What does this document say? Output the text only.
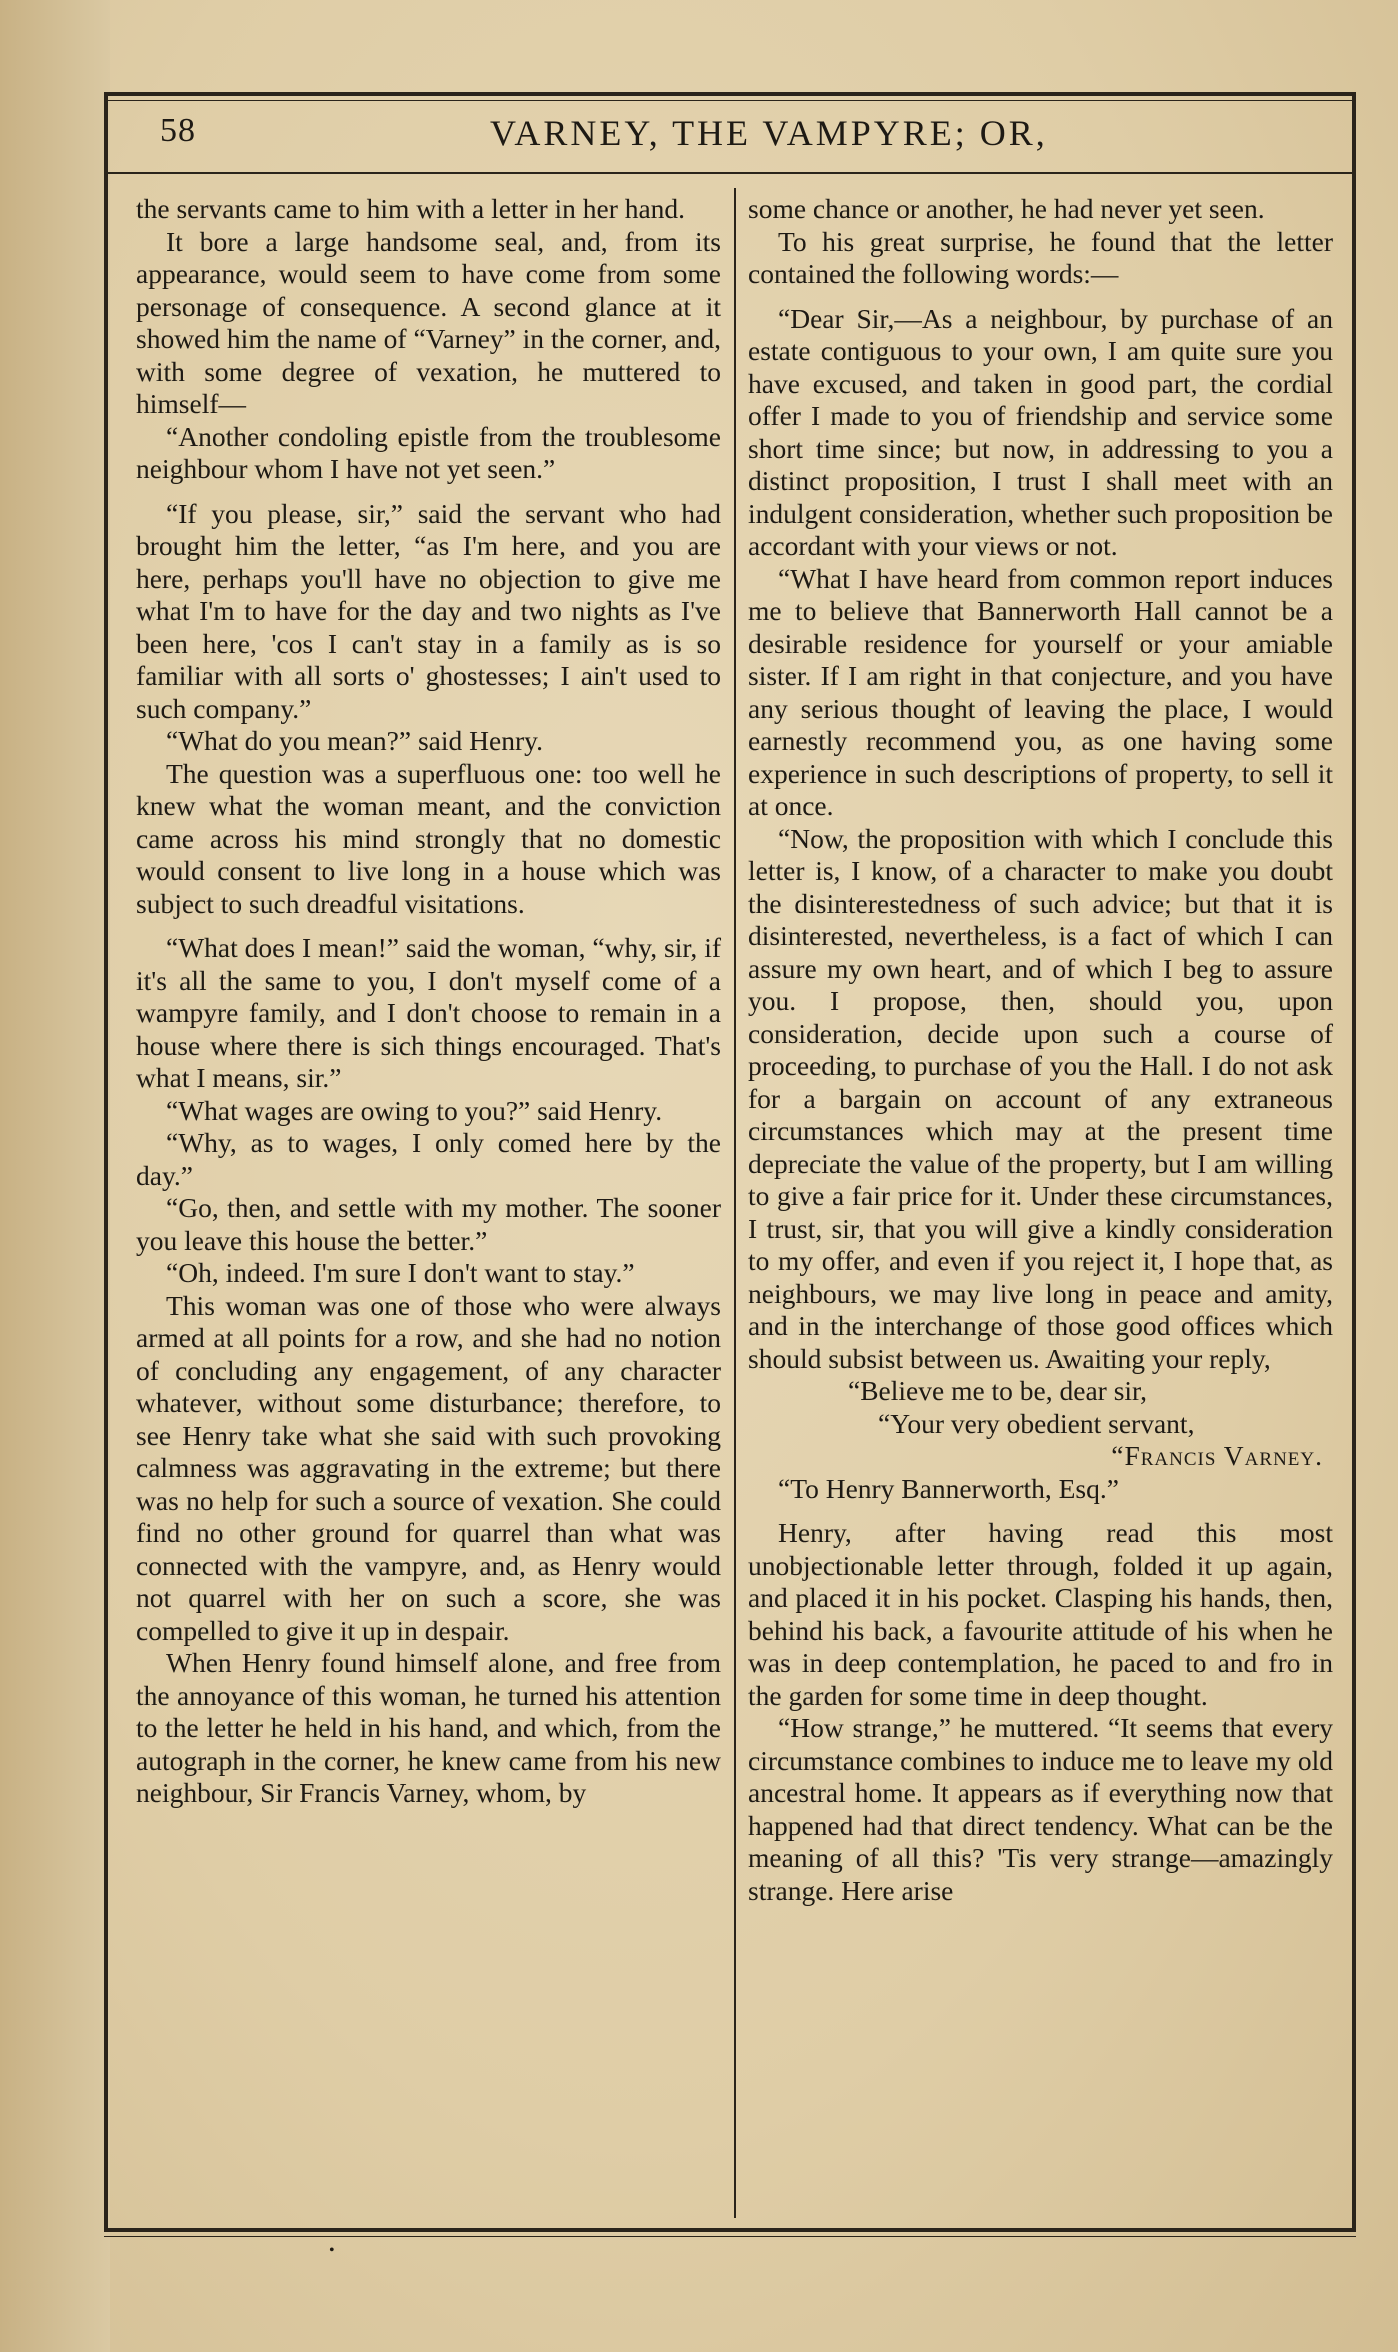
58	VARNEY, THE VAMPYRE; OR,

the servants came to him with a letter in her hand.

It bore a large handsome seal, and, from its appearance, would seem to have come from some personage of consequence. A second glance at it showed him the name of “Varney” in the corner, and, with some degree of vexation, he muttered to himself—

“Another condoling epistle from the troublesome neighbour whom I have not yet seen.”

“If you please, sir,” said the servant who had brought him the letter, “as I'm here, and you are here, perhaps you'll have no objection to give me what I'm to have for the day and two nights as I've been here, 'cos I can't stay in a family as is so familiar with all sorts o' ghostesses; I ain't used to such company.”

“What do you mean?” said Henry.

The question was a superfluous one: too well he knew what the woman meant, and the conviction came across his mind strongly that no domestic would consent to live long in a house which was subject to such dreadful visitations.

“What does I mean!” said the woman, “why, sir, if it's all the same to you, I don't myself come of a wampyre family, and I don't choose to remain in a house where there is sich things encouraged. That's what I means, sir.”

“What wages are owing to you?” said Henry.

“Why, as to wages, I only comed here by the day.”

“Go, then, and settle with my mother. The sooner you leave this house the better.”

“Oh, indeed. I'm sure I don't want to stay.”

This woman was one of those who were always armed at all points for a row, and she had no notion of concluding any engagement, of any character whatever, without some disturbance; therefore, to see Henry take what she said with such provoking calmness was aggravating in the extreme; but there was no help for such a source of vexation. She could find no other ground for quarrel than what was connected with the vampyre, and, as Henry would not quarrel with her on such a score, she was compelled to give it up in despair.

When Henry found himself alone, and free from the annoyance of this woman, he turned his attention to the letter he held in his hand, and which, from the autograph in the corner, he knew came from his new neighbour, Sir Francis Varney, whom, by

some chance or another, he had never yet seen.

To his great surprise, he found that the letter contained the following words:—

“Dear Sir,—As a neighbour, by purchase of an estate contiguous to your own, I am quite sure you have excused, and taken in good part, the cordial offer I made to you of friendship and service some short time since; but now, in addressing to you a distinct proposition, I trust I shall meet with an indulgent consideration, whether such proposition be accordant with your views or not.

“What I have heard from common report induces me to believe that Bannerworth Hall cannot be a desirable residence for yourself or your amiable sister. If I am right in that conjecture, and you have any serious thought of leaving the place, I would earnestly recommend you, as one having some experience in such descriptions of property, to sell it at once.

“Now, the proposition with which I conclude this letter is, I know, of a character to make you doubt the disinterestedness of such advice; but that it is disinterested, nevertheless, is a fact of which I can assure my own heart, and of which I beg to assure you. I propose, then, should you, upon consideration, decide upon such a course of proceeding, to purchase of you the Hall. I do not ask for a bargain on account of any extraneous circumstances which may at the present time depreciate the value of the property, but I am willing to give a fair price for it. Under these circumstances, I trust, sir, that you will give a kindly consideration to my offer, and even if you reject it, I hope that, as neighbours, we may live long in peace and amity, and in the interchange of those good offices which should subsist between us. Awaiting your reply,

“Believe me to be, dear sir,

“Your very obedient servant,

“Francis Varney.

“To Henry Bannerworth, Esq.”

Henry, after having read this most unobjectionable letter through, folded it up again, and placed it in his pocket. Clasping his hands, then, behind his back, a favourite attitude of his when he was in deep contemplation, he paced to and fro in the garden for some time in deep thought.

“How strange,” he muttered. “It seems that every circumstance combines to induce me to leave my old ancestral home. It appears as if everything now that happened had that direct tendency. What can be the meaning of all this? 'Tis very strange—amazingly strange. Here arise

•
